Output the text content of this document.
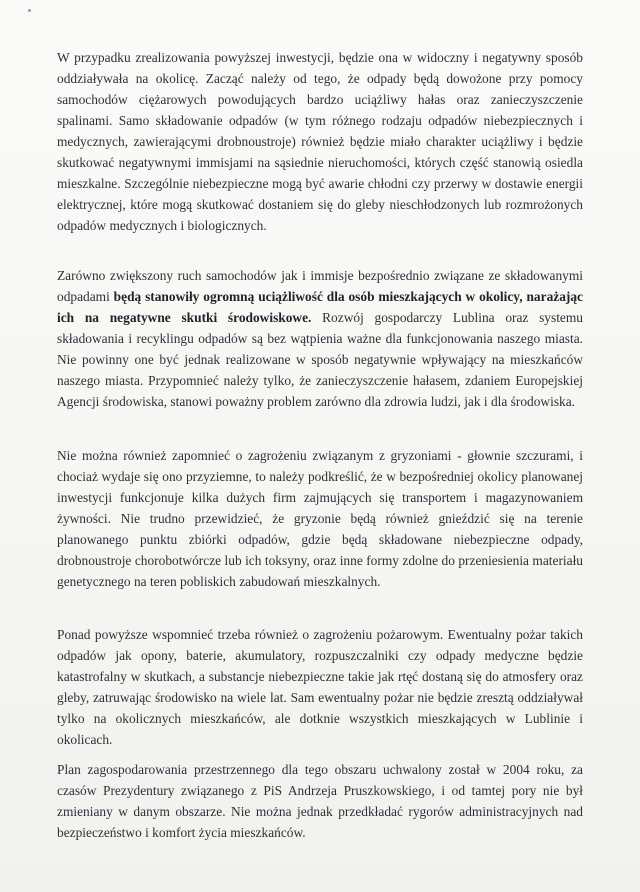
W przypadku zrealizowania powyższej inwestycji, będzie ona w widoczny i negatywny sposób oddziaływała na okolicę. Zacząć należy od tego, że odpady będą dowożone przy pomocy samochodów ciężarowych powodujących bardzo uciążliwy hałas oraz zanieczyszczenie spalinami. Samo składowanie odpadów (w tym różnego rodzaju odpadów niebezpiecznych i medycznych, zawierającymi drobnoustroje) również będzie miało charakter uciążliwy i będzie skutkować negatywnymi immisjami na sąsiednie nieruchomości, których część stanowią osiedla mieszkalne. Szczególnie niebezpieczne mogą być awarie chłodni czy przerwy w dostawie energii elektrycznej, które mogą skutkować dostaniem się do gleby nieschłodzonych lub rozmrożonych odpadów medycznych i biologicznych.

Zarówno zwiększony ruch samochodów jak i immisje bezpośrednio związane ze składowanymi odpadami będą stanowiły ogromną uciążliwość dla osób mieszkających w okolicy, narażając ich na negatywne skutki środowiskowe. Rozwój gospodarczy Lublina oraz systemu składowania i recyklingu odpadów są bez wątpienia ważne dla funkcjonowania naszego miasta. Nie powinny one być jednak realizowane w sposób negatywnie wpływający na mieszkańców naszego miasta. Przypomnieć należy tylko, że zanieczyszczenie hałasem, zdaniem Europejskiej Agencji środowiska, stanowi poważny problem zarówno dla zdrowia ludzi, jak i dla środowiska.

Nie można również zapomnieć o zagrożeniu związanym z gryzoniami - głownie szczurami, i chociaż wydaje się ono przyziemne, to należy podkreślić, że w bezpośredniej okolicy planowanej inwestycji funkcjonuje kilka dużych firm zajmujących się transportem i magazynowaniem żywności. Nie trudno przewidzieć, że gryzonie będą również gnieździć się na terenie planowanego punktu zbiórki odpadów, gdzie będą składowane niebezpieczne odpady, drobnoustroje chorobotwórcze lub ich toksyny, oraz inne formy zdolne do przeniesienia materiału genetycznego na teren pobliskich zabudowań mieszkalnych.

Ponad powyższe wspomnieć trzeba również o zagrożeniu pożarowym. Ewentualny pożar takich odpadów jak opony, baterie, akumulatory, rozpuszczalniki czy odpady medyczne będzie katastrofalny w skutkach, a substancje niebezpieczne takie jak rtęć dostaną się do atmosfery oraz gleby, zatruwając środowisko na wiele lat. Sam ewentualny pożar nie będzie zresztą oddziaływał tylko na okolicznych mieszkańców, ale dotknie wszystkich mieszkających w Lublinie i okolicach.

Plan zagospodarowania przestrzennego dla tego obszaru uchwalony został w 2004 roku, za czasów Prezydentury związanego z PiS Andrzeja Pruszkowskiego, i od tamtej pory nie był zmieniany w danym obszarze. Nie można jednak przedkładać rygorów administracyjnych nad bezpieczeństwo i komfort życia mieszkańców.
